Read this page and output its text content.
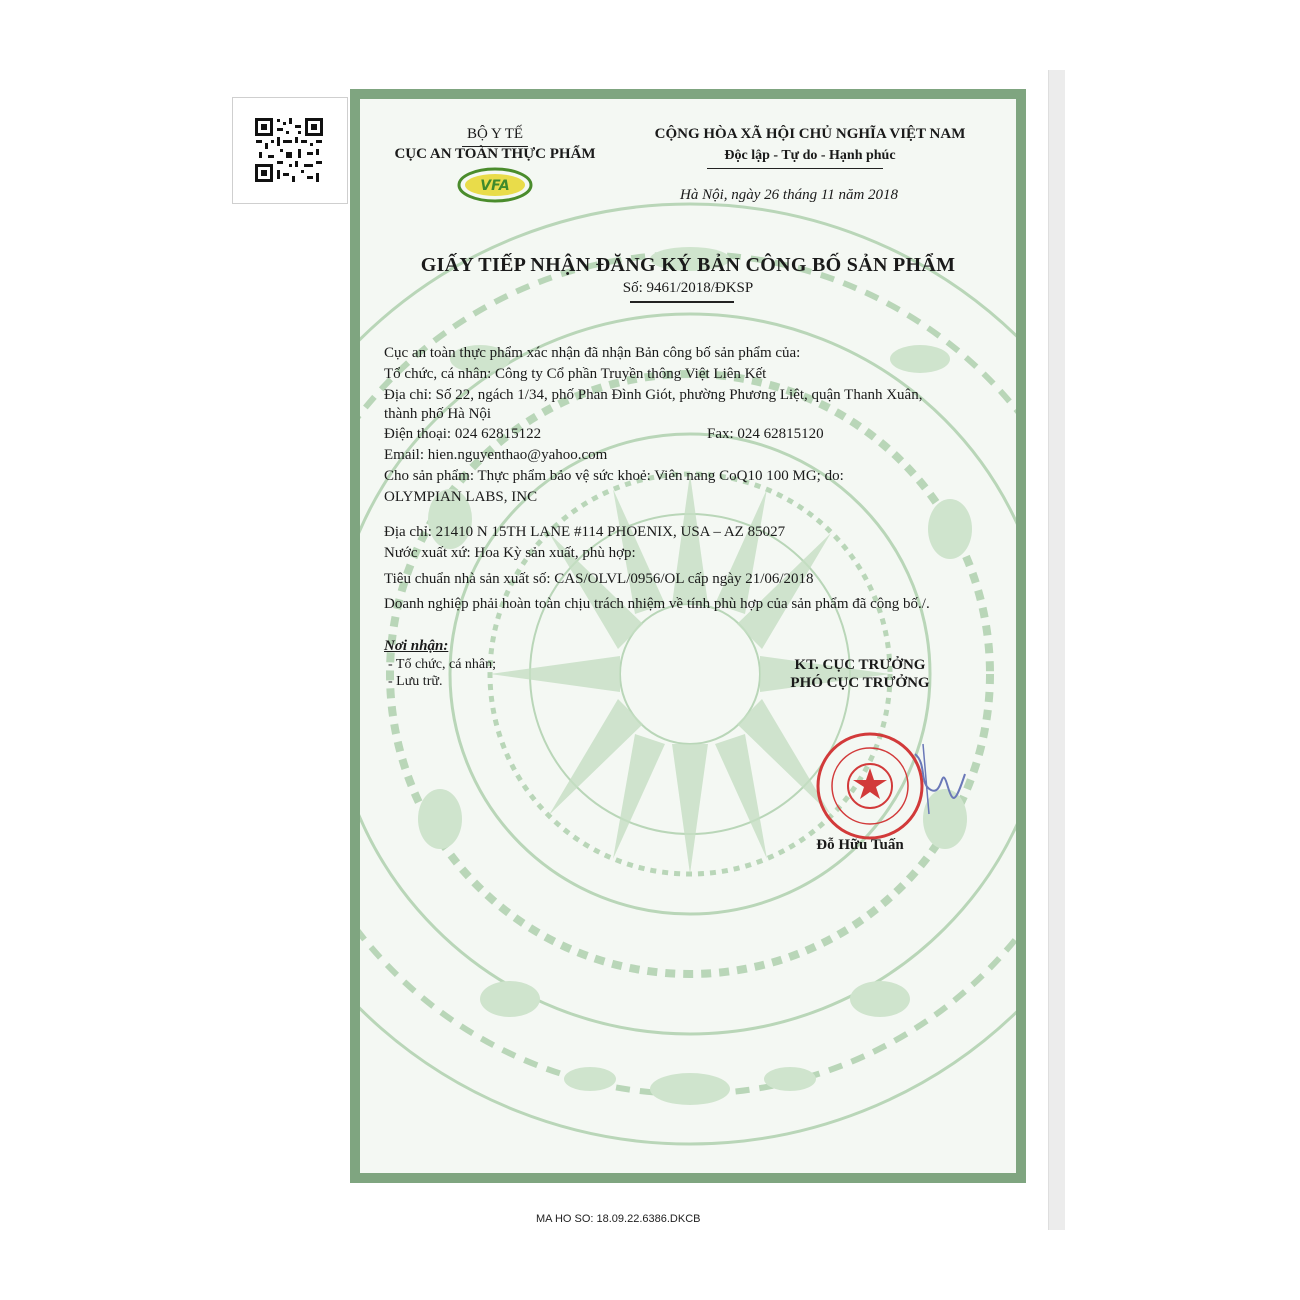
BỘ Y TẾ
CỤC AN TOÀN THỰC PHẨM
VFA
CỘNG HÒA XÃ HỘI CHỦ NGHĨA VIỆT NAM
Độc lập - Tự do - Hạnh phúc
Hà Nội, ngày 26 tháng 11 năm 2018
GIẤY TIẾP NHẬN ĐĂNG KÝ BẢN CÔNG BỐ SẢN PHẨM
Số: 9461/2018/ĐKSP
Cục an toàn thực phẩm xác nhận đã nhận Bản công bố sản phẩm của:
Tổ chức, cá nhân: Công ty Cổ phần Truyền thông Việt Liên Kết
Địa chỉ: Số 22, ngách 1/34, phố Phan Đình Giót, phường Phương Liệt, quận Thanh Xuân,
thành phố Hà Nội
Điện thoại: 024 62815122	Fax: 024 62815120
Email: hien.nguyenthao@yahoo.com
Cho sản phẩm: Thực phẩm bảo vệ sức khoẻ: Viên nang CoQ10 100 MG; do:
OLYMPIAN LABS, INC
Địa chỉ: 21410 N 15TH LANE #114 PHOENIX, USA – AZ 85027
Nước xuất xứ: Hoa Kỳ sản xuất, phù hợp:
Tiêu chuẩn nhà sản xuất số: CAS/OLVL/0956/OL cấp ngày 21/06/2018
Doanh nghiệp phải hoàn toàn chịu trách nhiệm về tính phù hợp của sản phẩm đã công bố./.
Nơi nhận:
- Tổ chức, cá nhân;
- Lưu trữ.
KT. CỤC TRƯỞNG
PHÓ CỤC TRƯỞNG
Đỗ Hữu Tuấn
MA HO SO: 18.09.22.6386.DKCB
